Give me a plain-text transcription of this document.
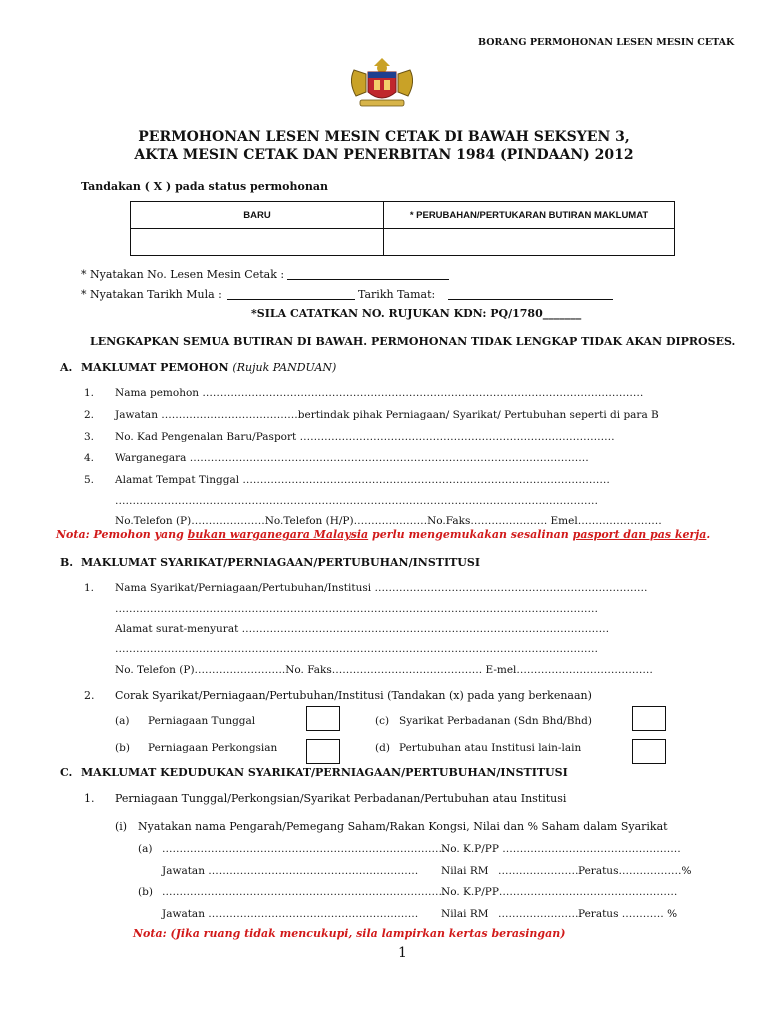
BORANG PERMOHONAN LESEN MESIN CETAK
PERMOHONAN LESEN MESIN CETAK DI BAWAH SEKSYEN 3,
AKTA MESIN CETAK DAN PENERBITAN 1984 (PINDAAN) 2012
Tandakan ( X ) pada status permohonan
BARU	* PERUBAHAN/PERTUKARAN BUTIRAN MAKLUMAT

* Nyatakan No. Lesen Mesin Cetak :
* Nyatakan Tarikh Mula :	Tarikh Tamat:
*SILA CATATKAN NO. RUJUKAN KDN: PQ/1780_______
LENGKAPKAN SEMUA BUTIRAN DI BAWAH. PERMOHONAN TIDAK LENGKAP TIDAK AKAN DIPROSES.
A. MAKLUMAT PEMOHON (Rujuk PANDUAN)
1. Nama pemohon ………………………………………………………………………………………………………………
2. Jawatan …………………………………bertindak pihak Perniagaan/ Syarikat/ Pertubuhan seperti di para B
3. No. Kad Pengenalan Baru/Pasport ………………………………………………………………………………
4. Warganegara ……………………………………………………………………………………………………
5. Alamat Tempat Tinggal ……………………………………………………………………………………………
…………………………………………………………………………………………………………………………
No.Telefon (P)…………………No.Telefon (H/P)…………………No.Faks…………………. Emel……………………
Nota: Pemohon yang bukan warganegara Malaysia perlu mengemukakan sesalinan pasport dan pas kerja.
B. MAKLUMAT SYARIKAT/PERNIAGAAN/PERTUBUHAN/INSTITUSI
1. Nama Syarikat/Perniagaan/Pertubuhan/Institusi ……………………………………………………………………
…………………………………………………………………………………………………………………………
Alamat surat-menyurat ……………………………………………………………………………………………
…………………………………………………………………………………………………………………………
No. Telefon (P)……………………..No. Faks……………………………………. E-mel…………………………………
2. Corak Syarikat/Perniagaan/Pertubuhan/Institusi (Tandakan (x) pada yang berkenaan)
(a) Perniagaan Tunggal	(c) Syarikat Perbadanan (Sdn Bhd/Bhd)
(b) Perniagaan Perkongsian	(d) Pertubuhan atau Institusi lain-lain
C. MAKLUMAT KEDUDUKAN SYARIKAT/PERNIAGAAN/PERTUBUHAN/INSTITUSI
1. Perniagaan Tunggal/Perkongsian/Syarikat Perbadanan/Pertubuhan atau Institusi
(i) Nyatakan nama Pengarah/Pemegang Saham/Rakan Kongsi, Nilai dan % Saham dalam Syarikat
(a) ………………………………………………………………………
No. K.P/PP ……………………………………………
Jawatan …………………………………………………… Nilai RM ……………………
Peratus………………%
(b) ………………………………………………………………………
No. K.P/PP……………………………………………
Jawatan …………………………………………………… Nilai RM ……………………
Peratus ………… %
Nota: (Jika ruang tidak mencukupi, sila lampirkan kertas berasingan)
1
